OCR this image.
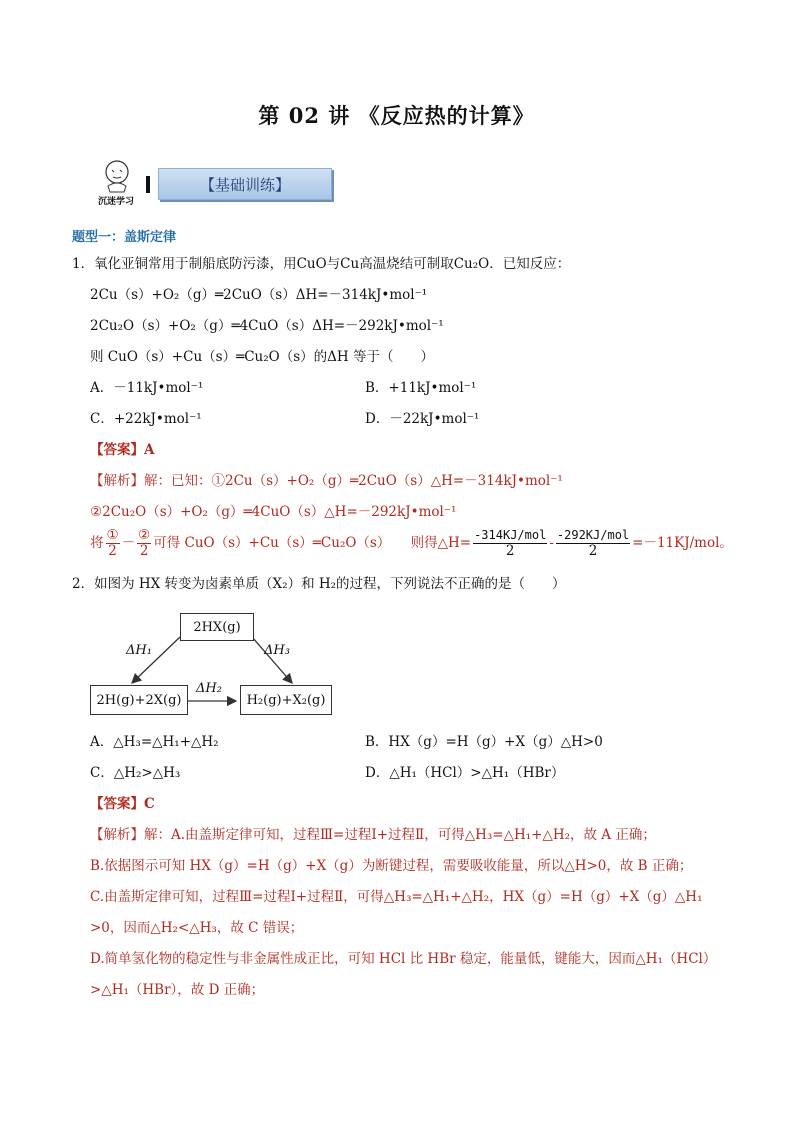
第 02 讲 《反应热的计算》
沉迷学习
【基础训练】
题型一：盖斯定律
1．氧化亚铜常用于制船底防污漆，用CuO与Cu高温烧结可制取Cu₂O．已知反应：
2Cu（s）+O₂（g）═2CuO（s）ΔH=－314kJ•mol⁻¹
2Cu₂O（s）+O₂（g）═4CuO（s）ΔH=－292kJ•mol⁻¹
则 CuO（s）+Cu（s）═Cu₂O（s）的ΔH 等于（　　）
A．－11kJ•mol⁻¹	B．+11kJ•mol⁻¹
C．+22kJ•mol⁻¹	D．－22kJ•mol⁻¹
【答案】A
【解析】解：已知：①2Cu（s）+O₂（g）═2CuO（s）△H=－314kJ•mol⁻¹
②2Cu₂O（s）+O₂（g）═4CuO（s）△H=－292kJ•mol⁻¹
将 $\frac{\text{①}}{2} - \frac{\text{②}}{2}$ 可得 CuO（s）+Cu（s）═Cu₂O（s）　　则得△H= $\frac{\text{-314KJ/mol}}{2} - \frac{\text{-292KJ/mol}}{2} =-11KJ/mol$。
2．如图为 HX 转变为卤素单质（X₂）和 H₂的过程，下列说法不正确的是（　　）
2HX(g)
2H(g)+2X(g)	H₂(g)+X₂(g)
ΔH₁
ΔH₂
ΔH₃
A．△H₃=△H₁+△H₂	B．HX（g）=H（g）+X（g）△H>0
C．△H₂>△H₃	D．△H₁（HCl）>△H₁（HBr）
【答案】C
【解析】解：A.由盖斯定律可知，过程Ⅲ=过程Ⅰ+过程Ⅱ，可得△H₃=△H₁+△H₂，故 A 正确；
B.依据图示可知 HX（g）=H（g）+X（g）为断键过程，需要吸收能量，所以△H>0，故 B 正确；
C.由盖斯定律可知，过程Ⅲ=过程Ⅰ+过程Ⅱ，可得△H₃=△H₁+△H₂，HX（g）=H（g）+X（g）△H₁
>0，因而△H₂<△H₃，故 C 错误；
D.简单氢化物的稳定性与非金属性成正比，可知 HCl 比 HBr 稳定，能量低，键能大，因而△H₁（HCl）
>△H₁（HBr），故 D 正确；
